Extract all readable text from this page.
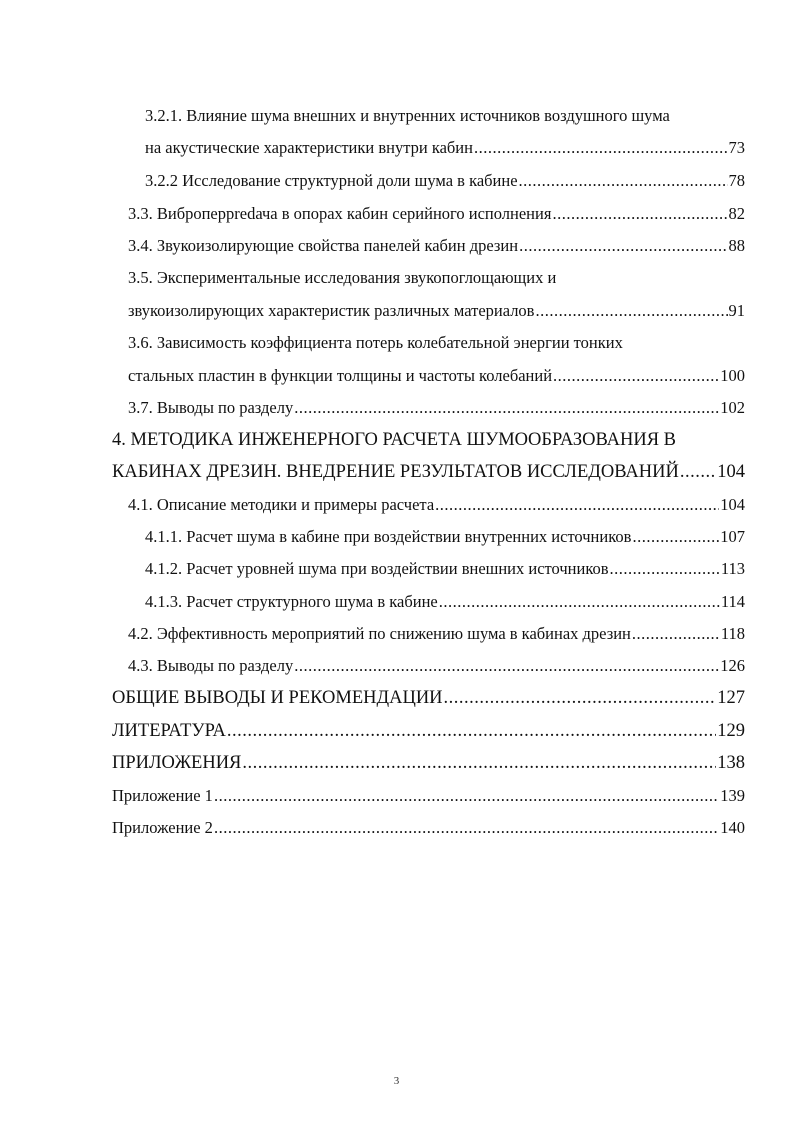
3.2.1. Влияние шума внешних и внутренних источников воздушного шума
на акустические характеристики внутри кабин .....	73
3.2.2 Исследование структурной доли шума в кабине .....	78
3.3. Виброперpredача в опорах кабин серийного исполнения .....	82
3.4. Звукоизолирующие свойства панелей кабин дрезин .....	88
3.5. Экспериментальные исследования звукопоглощающих и
звукоизолирующих характеристик различных материалов .....	91
3.6. Зависимость коэффициента потерь колебательной энергии тонких
стальных пластин в функции толщины и частоты колебаний .....	100
3.7. Выводы по разделу .....	102
4. МЕТОДИКА ИНЖЕНЕРНОГО РАСЧЕТА ШУМООБРАЗОВАНИЯ В
КАБИНАХ ДРЕЗИН. ВНЕДРЕНИЕ РЕЗУЛЬТАТОВ ИССЛЕДОВАНИЙ ..... 104
4.1. Описание методики и примеры расчета .....	104
4.1.1. Расчет шума в кабине при воздействии внутренних источников .....	107
4.1.2. Расчет уровней шума при воздействии внешних источников .....	113
4.1.3. Расчет структурного шума в кабине .....	114
4.2. Эффективность мероприятий по снижению шума в кабинах дрезин .....	118
4.3. Выводы по разделу .....	126
ОБЩИЕ ВЫВОДЫ И РЕКОМЕНДАЦИИ .....	127
ЛИТЕРАТУРА .....	129
ПРИЛОЖЕНИЯ .....	138
Приложение 1 .....	139
Приложение 2 .....	140
3
